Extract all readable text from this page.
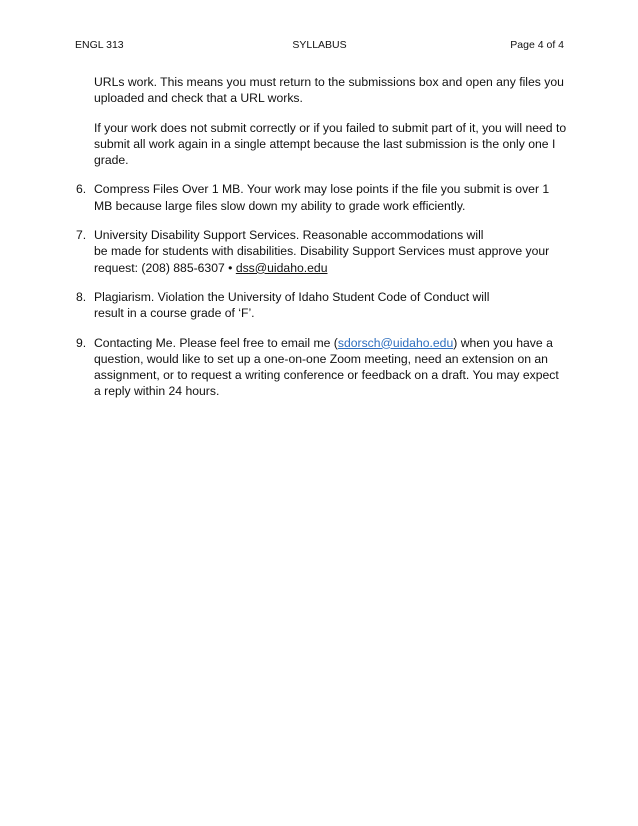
ENGL 313	SYLLABUS	Page 4 of 4

URLs work. This means you must return to the submissions box and open any files you uploaded and check that a URL works.

If your work does not submit correctly or if you failed to submit part of it, you will need to submit all work again in a single attempt because the last submission is the only one I grade.

6. Compress Files Over 1 MB. Your work may lose points if the file you submit is over 1 MB because large files slow down my ability to grade work efficiently.
7. University Disability Support Services. Reasonable accommodations will
be made for students with disabilities. Disability Support Services must approve your
request: (208) 885-6307 • dss@uidaho.edu
8. Plagiarism. Violation the University of Idaho Student Code of Conduct will
result in a course grade of ‘F’.
9. Contacting Me. Please feel free to email me (sdorsch@uidaho.edu) when you have a question, would like to set up a one-on-one Zoom meeting, need an extension on an assignment, or to request a writing conference or feedback on a draft. You may expect a reply within 24 hours.
